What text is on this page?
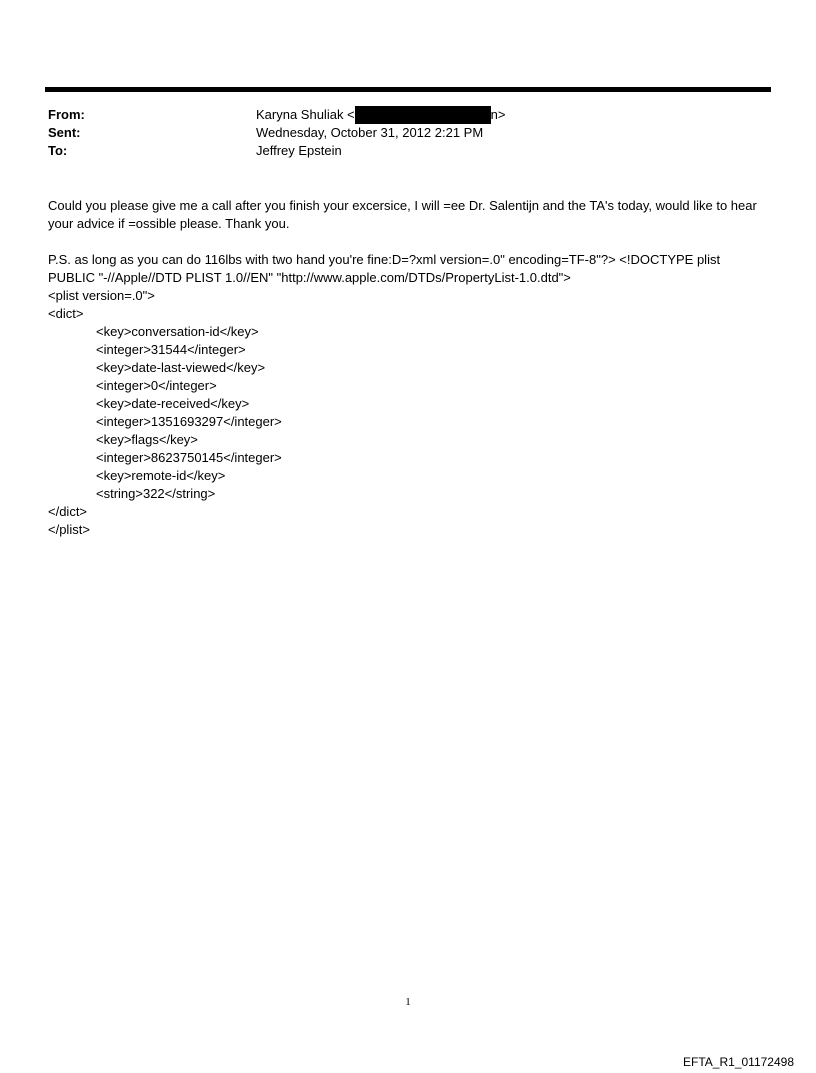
From:	Karyna Shuliak <	n>
Sent:	Wednesday, October 31, 2012 2:21 PM
To:	Jeffrey Epstein
Could you please give me a call after you finish your excersice, I will =ee Dr. Salentijn and the TA's today, would like to hear your advice if =ossible please. Thank you.
P.S. as long as you can do 116lbs with two hand you're fine:D=?xml version=.0" encoding=TF-8"?> <!DOCTYPE plist PUBLIC "-//Apple//DTD PLIST 1.0//EN" "http://www.apple.com/DTDs/PropertyList-1.0.dtd">
<plist version=.0">
<dict>
<key>conversation-id</key>
<integer>31544</integer>
<key>date-last-viewed</key>
<integer>0</integer>
<key>date-received</key>
<integer>1351693297</integer>
<key>flags</key>
<integer>8623750145</integer>
<key>remote-id</key>
<string>322</string>
</dict>
</plist>
1
EFTA_R1_01172498
